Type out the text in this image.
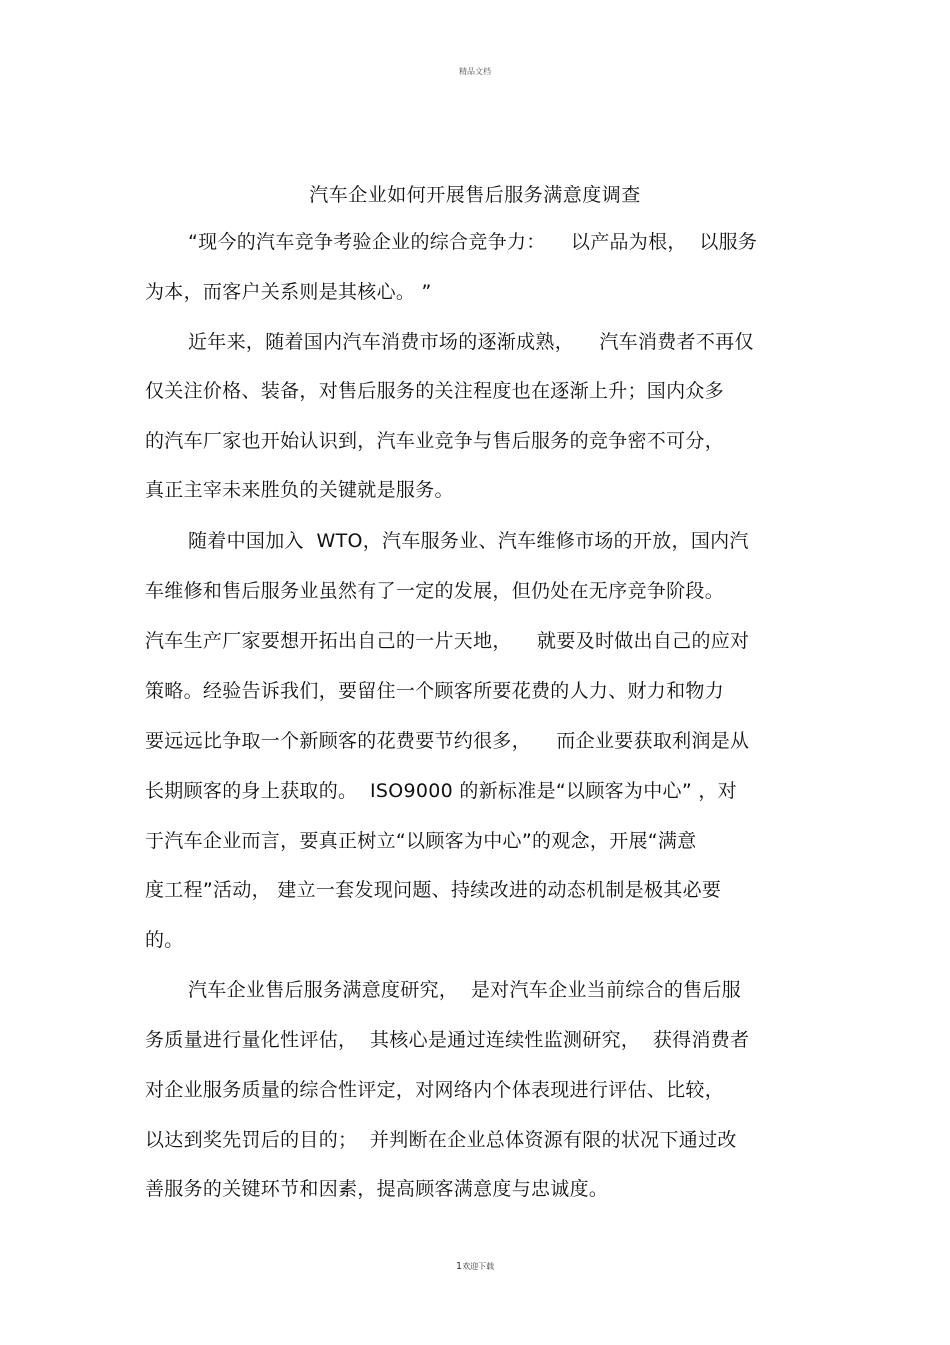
精品文档
汽车企业如何开展售后服务满意度调查
“现今的汽车竞争考验企业的综合竞争力：    以产品为根，  以服务
为本，而客户关系则是其核心。 ”
近年来，随着国内汽车消费市场的逐渐成熟，    汽车消费者不再仅
仅关注价格、装备，对售后服务的关注程度也在逐渐上升；国内众多
的汽车厂家也开始认识到，汽车业竞争与售后服务的竞争密不可分，
真正主宰未来胜负的关键就是服务。
随着中国加入  WTO，汽车服务业、汽车维修市场的开放，国内汽
车维修和售后服务业虽然有了一定的发展，但仍处在无序竞争阶段。
汽车生产厂家要想开拓出自己的一片天地，    就要及时做出自己的应对
策略。经验告诉我们，要留住一个顾客所要花费的人力、财力和物力
要远远比争取一个新顾客的花费要节约很多，    而企业要获取利润是从
长期顾客的身上获取的。  ISO9000 的新标准是“以顾客为中心” ，对
于汽车企业而言，要真正树立“以顾客为中心”的观念，开展“满意
度工程”活动， 建立一套发现问题、持续改进的动态机制是极其必要
的。
汽车企业售后服务满意度研究，  是对汽车企业当前综合的售后服
务质量进行量化性评估，  其核心是通过连续性监测研究，  获得消费者
对企业服务质量的综合性评定，对网络内个体表现进行评估、比较，
以达到奖先罚后的目的；  并判断在企业总体资源有限的状况下通过改
善服务的关键环节和因素，提高顾客满意度与忠诚度。
1欢迎下载
